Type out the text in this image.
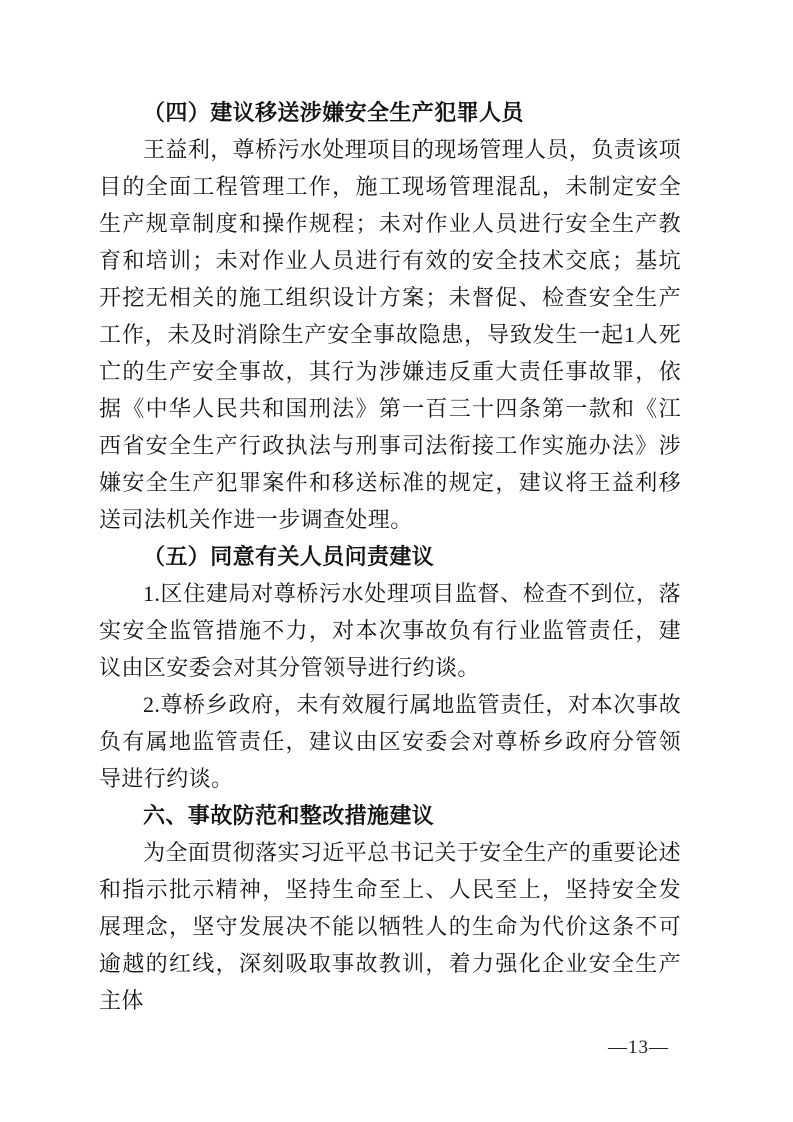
（四）建议移送涉嫌安全生产犯罪人员

王益利，尊桥污水处理项目的现场管理人员，负责该项目的全面工程管理工作，施工现场管理混乱，未制定安全生产规章制度和操作规程；未对作业人员进行安全生产教育和培训；未对作业人员进行有效的安全技术交底；基坑开挖无相关的施工组织设计方案；未督促、检查安全生产工作，未及时消除生产安全事故隐患，导致发生一起1人死亡的生产安全事故，其行为涉嫌违反重大责任事故罪，依据《中华人民共和国刑法》第一百三十四条第一款和《江西省安全生产行政执法与刑事司法衔接工作实施办法》涉嫌安全生产犯罪案件和移送标准的规定，建议将王益利移送司法机关作进一步调查处理。

（五）同意有关人员问责建议

1.区住建局对尊桥污水处理项目监督、检查不到位，落实安全监管措施不力，对本次事故负有行业监管责任，建议由区安委会对其分管领导进行约谈。

2.尊桥乡政府，未有效履行属地监管责任，对本次事故负有属地监管责任，建议由区安委会对尊桥乡政府分管领导进行约谈。

六、事故防范和整改措施建议

为全面贯彻落实习近平总书记关于安全生产的重要论述和指示批示精神，坚持生命至上、人民至上，坚持安全发展理念，坚守发展决不能以牺牲人的生命为代价这条不可逾越的红线，深刻吸取事故教训，着力强化企业安全生产主体

—13—
